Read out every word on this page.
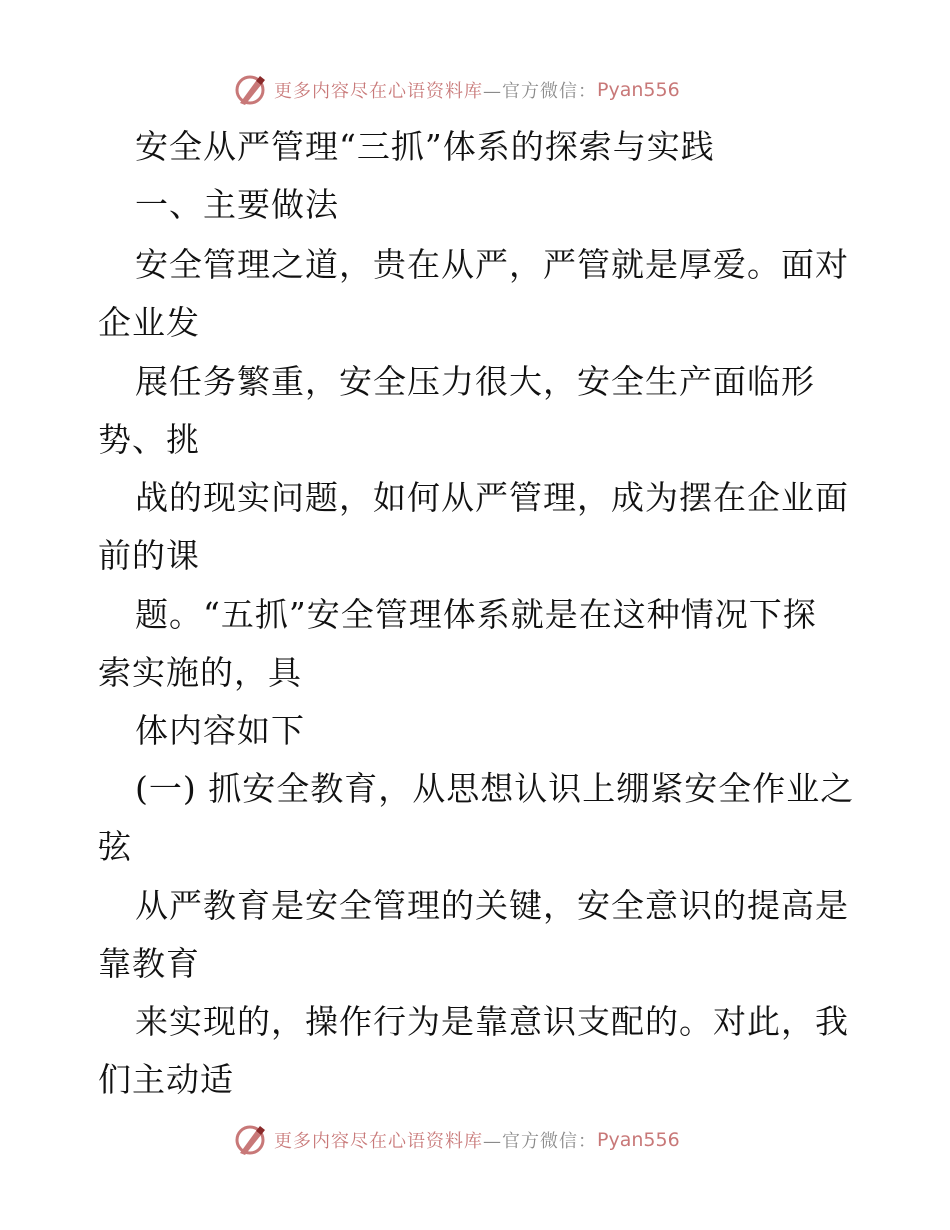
更多内容尽在心语资料库 —官方微信： Pyan556
安全从严管理“三抓”体系的探索与实践
一、主要做法
安全管理之道，贵在从严，严管就是厚爱。面对
企业发
展任务繁重，安全压力很大，安全生产面临形
势、挑
战的现实问题，如何从严管理，成为摆在企业面
前的课
题。“五抓”安全管理体系就是在这种情况下探
索实施的，具
体内容如下
(一) 抓安全教育，从思想认识上绷紧安全作业之
弦
从严教育是安全管理的关键，安全意识的提高是
靠教育
来实现的，操作行为是靠意识支配的。对此，我
们主动适
更多内容尽在心语资料库 —官方微信： Pyan556
